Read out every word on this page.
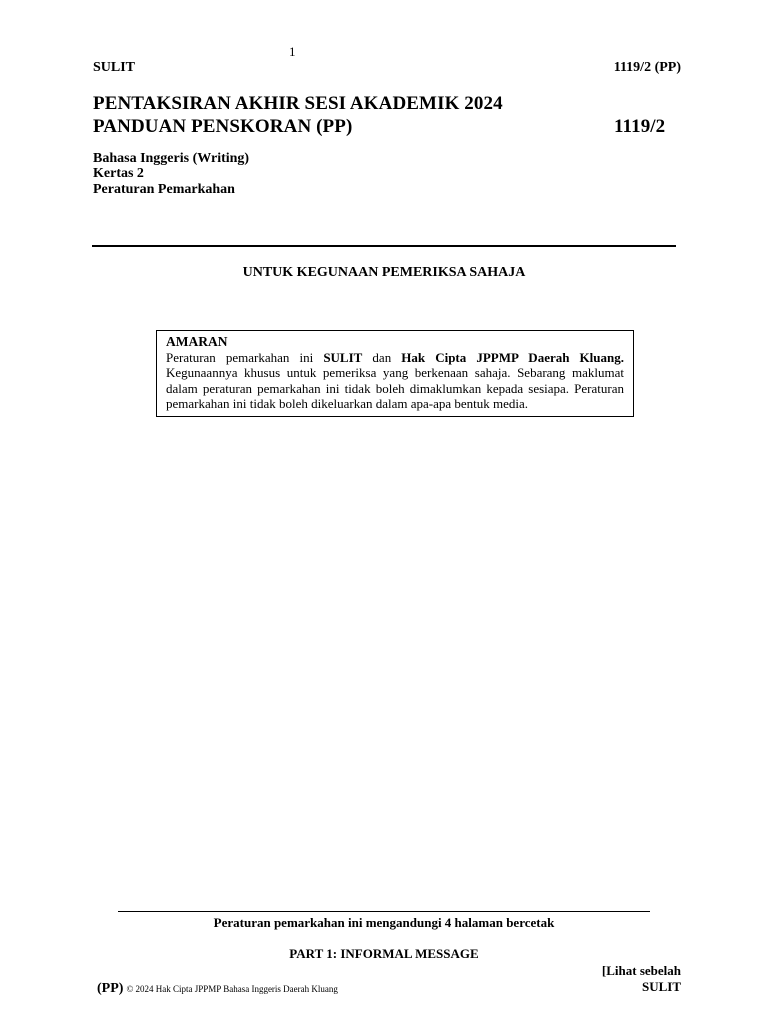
1
SULIT	1119/2 (PP)
PENTAKSIRAN AKHIR SESI AKADEMIK 2024
PANDUAN PENSKORAN (PP)	1119/2
Bahasa Inggeris (Writing)
Kertas 2
Peraturan Pemarkahan
UNTUK KEGUNAAN PEMERIKSA SAHAJA
AMARAN
Peraturan pemarkahan ini SULIT dan Hak Cipta JPPMP Daerah Kluang. Kegunaannya khusus untuk pemeriksa yang berkenaan sahaja. Sebarang maklumat dalam peraturan pemarkahan ini tidak boleh dimaklumkan kepada sesiapa. Peraturan pemarkahan ini tidak boleh dikeluarkan dalam apa-apa bentuk media.
Peraturan pemarkahan ini mengandungi 4 halaman bercetak
PART 1: INFORMAL MESSAGE
(PP) © 2024 Hak Cipta JPPMP Bahasa Inggeris Daerah Kluang
[Lihat sebelah
SULIT
